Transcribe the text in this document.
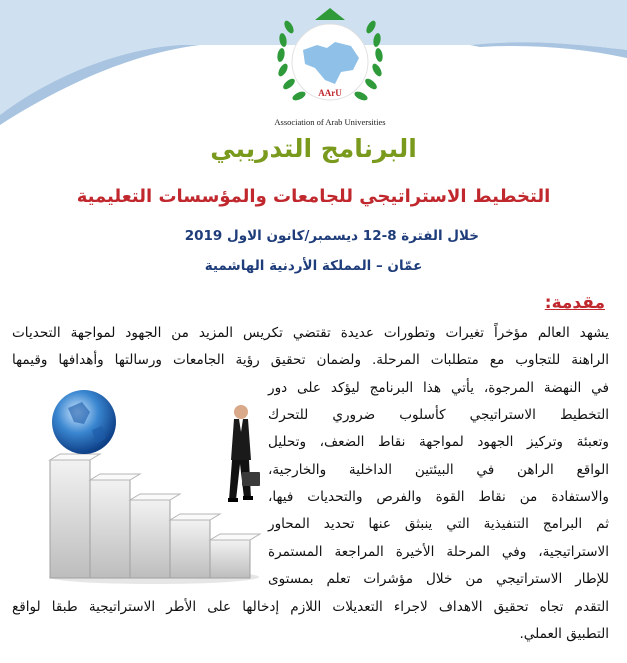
AArU
Association of Arab Universities
البرنامج التدريبي
التخطيط الاستراتيجي للجامعات والمؤسسات التعليمية
خلال الفترة 8-12 ديسمبر/كانون الاول 2019
عمّان – المملكة الأردنية الهاشمية
مقدمة:
يشهد العالم مؤخراً تغيرات وتطورات عديدة تقتضي تكريس المزيد من الجهود لمواجهة التحديات
الراهنة للتجاوب مع متطلبات المرحلة. ولضمان تحقيق رؤية الجامعات ورسالتها وأهدافها وقيمها
في النهضة المرجوة، يأتي هذا البرنامج ليؤكد على دور
التخطيط الاستراتيجي كأسلوب ضروري للتحرك
وتعبئة وتركيز الجهود لمواجهة نقاط الضعف، وتحليل
الواقع الراهن في البيئتين الداخلية والخارجية،
والاستفادة من نقاط القوة والفرص والتحديات فيها،
ثم البرامج التنفيذية التي ينبثق عنها تحديد المحاور
الاستراتيجية، وفي المرحلة الأخيرة المراجعة المستمرة
للإطار الاستراتيجي من خلال مؤشرات تعلم بمستوى
التقدم تجاه تحقيق الاهداف لاجراء التعديلات اللازم إدخالها على الأطر الاستراتيجية طبقا لواقع
التطبيق العملي.
